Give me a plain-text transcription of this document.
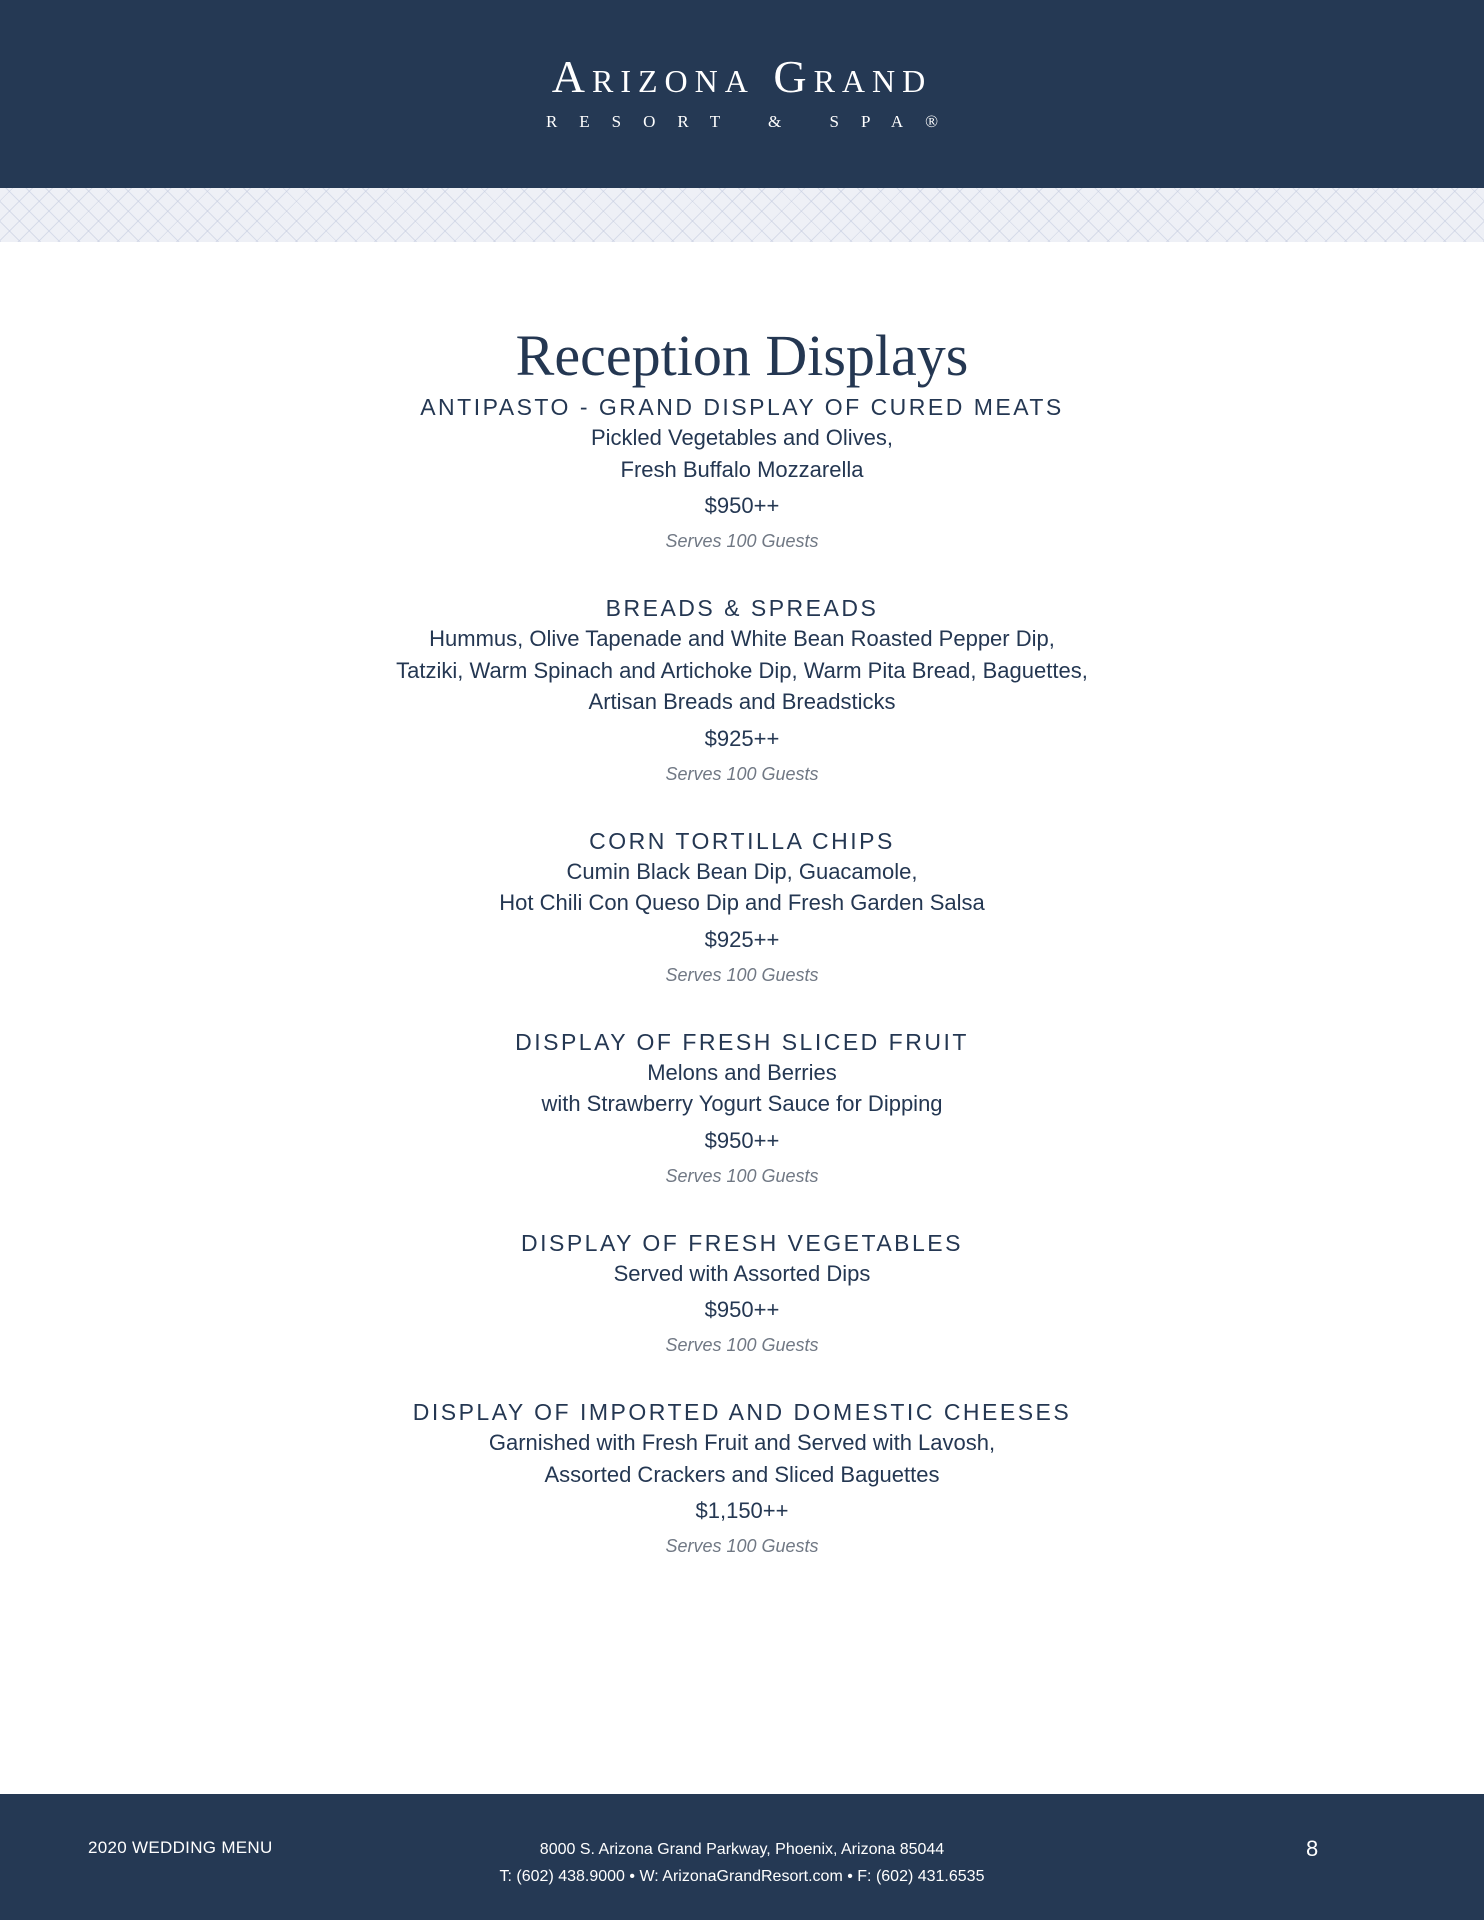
Arizona Grand
RESORT & SPA®
Reception Displays
ANTIPASTO - GRAND DISPLAY OF CURED MEATS
Pickled Vegetables and Olives,
Fresh Buffalo Mozzarella
$950++
Serves 100 Guests
BREADS & SPREADS
Hummus, Olive Tapenade and White Bean Roasted Pepper Dip,
Tatziki, Warm Spinach and Artichoke Dip, Warm Pita Bread, Baguettes,
Artisan Breads and Breadsticks
$925++
Serves 100 Guests
CORN TORTILLA CHIPS
Cumin Black Bean Dip, Guacamole,
Hot Chili Con Queso Dip and Fresh Garden Salsa
$925++
Serves 100 Guests
DISPLAY OF FRESH SLICED FRUIT
Melons and Berries
with Strawberry Yogurt Sauce for Dipping
$950++
Serves 100 Guests
DISPLAY OF FRESH VEGETABLES
Served with Assorted Dips
$950++
Serves 100 Guests
DISPLAY OF IMPORTED AND DOMESTIC CHEESES
Garnished with Fresh Fruit and Served with Lavosh,
Assorted Crackers and Sliced Baguettes
$1,150++
Serves 100 Guests
2020 WEDDING MENU	8000 S. Arizona Grand Parkway, Phoenix, Arizona 85044
T: (602) 438.9000 • W: ArizonaGrandResort.com • F: (602) 431.6535
8
